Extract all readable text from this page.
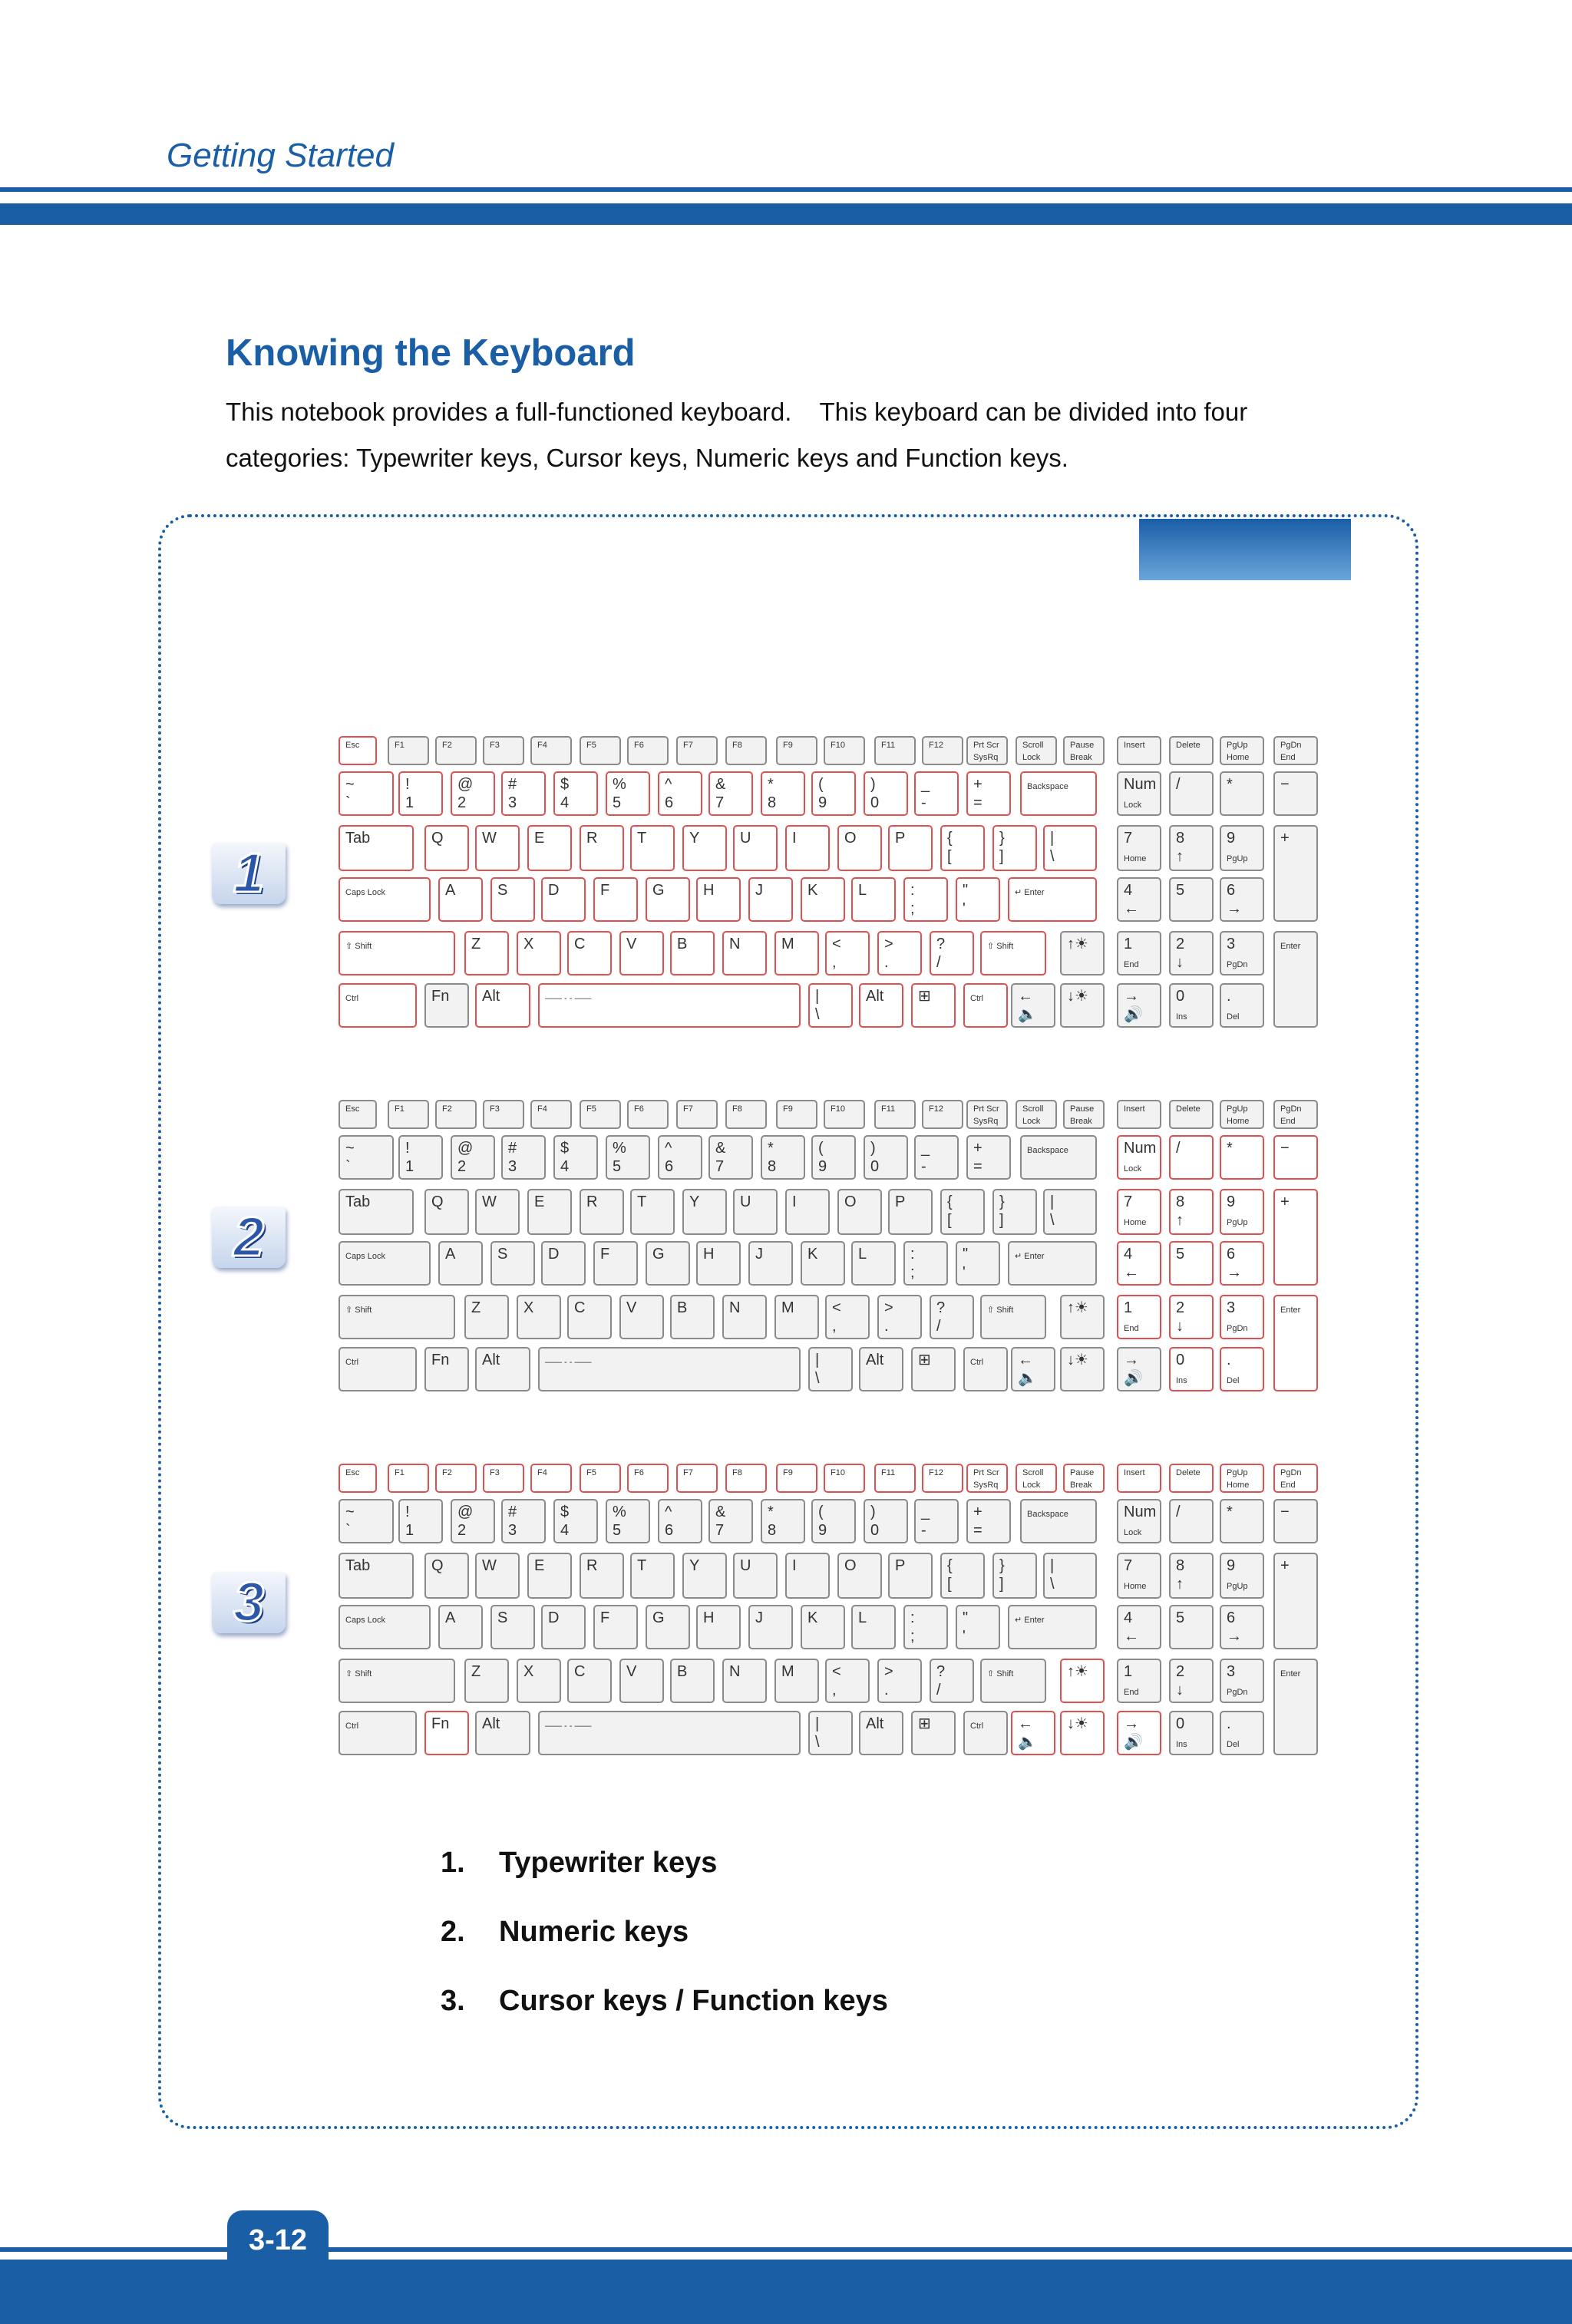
Getting Started
Knowing the Keyboard
This notebook provides a full-functioned keyboard.    This keyboard can be divided into four
categories: Typewriter keys, Cursor keys, Numeric keys and Function keys.
1
2
3
Esc	F1	F2	F3	F4	F5	F6	F7	F8	F9	F10	F11	F12	Prt Scr
SysRq
Scroll
Lock
Pause
Break
Insert	Delete	PgUp
Home
PgDn
End
~
`
!
1
@
2
#
3
$
4
%
5
^
6
&
7
*
8
(
9
)
0
_
-
+
=
Backspace	Num
Lock
/	*	−
Tab	Q	W E	R	T	Y	U	I	O	P	{
[
}
]
|
\
7
Home
8
↑
9
PgUp
+
Caps Lock	A	S	D	F	G	H	J	K	L	:
;
"
'
↵ Enter	4
←
5	6
→
⇧ Shift	Z	X	C	V	B	N	M <
,
>
.
?
/
⇧ Shift	↑☀ 1
End
2
↓
3
PgDn
Enter
Ctrl	Fn Alt	—— - - ——	|
\
Alt ⊞	Ctrl ←
🔈
↓☀ →
🔊
0
Ins
.
Del
Esc	F1	F2	F3	F4	F5	F6	F7	F8	F9	F10	F11	F12	Prt Scr
SysRq
Scroll
Lock
Pause
Break
Insert	Delete	PgUp
Home
PgDn
End
~
`
!
1
@
2
#
3
$
4
%
5
^
6
&
7
*
8
(
9
)
0
_
-
+
=
Backspace	Num
Lock
/	*	−
Tab	Q	W E	R	T	Y	U	I	O	P	{
[
}
]
|
\
7
Home
8
↑
9
PgUp
+
Caps Lock	A	S	D	F	G	H	J	K	L	:
;
"
'
↵ Enter	4
←
5	6
→
⇧ Shift	Z	X	C	V	B	N	M <
,
>
.
?
/
⇧ Shift	↑☀ 1
End
2
↓
3
PgDn
Enter
Ctrl	Fn Alt	—— - - ——	|
\
Alt ⊞	Ctrl ←
🔈
↓☀ →
🔊
0
Ins
.
Del
Esc	F1	F2	F3	F4	F5	F6	F7	F8	F9	F10	F11	F12	Prt Scr
SysRq
Scroll
Lock
Pause
Break
Insert	Delete	PgUp
Home
PgDn
End
~
`
!
1
@
2
#
3
$
4
%
5
^
6
&
7
*
8
(
9
)
0
_
-
+
=
Backspace	Num
Lock
/	*	−
Tab	Q	W E	R	T	Y	U	I	O	P	{
[
}
]
|
\
7
Home
8
↑
9
PgUp
+
Caps Lock	A	S	D	F	G	H	J	K	L	:
;
"
'
↵ Enter	4
←
5	6
→
⇧ Shift	Z	X	C	V	B	N	M <
,
>
.
?
/
⇧ Shift	↑☀ 1
End
2
↓
3
PgDn
Enter
Ctrl	Fn Alt	—— - - ——	|
\
Alt ⊞	Ctrl ←
🔈
↓☀ →
🔊
0
Ins
.
Del
1. Typewriter keys
2. Numeric keys
3. Cursor keys / Function keys
3-12
